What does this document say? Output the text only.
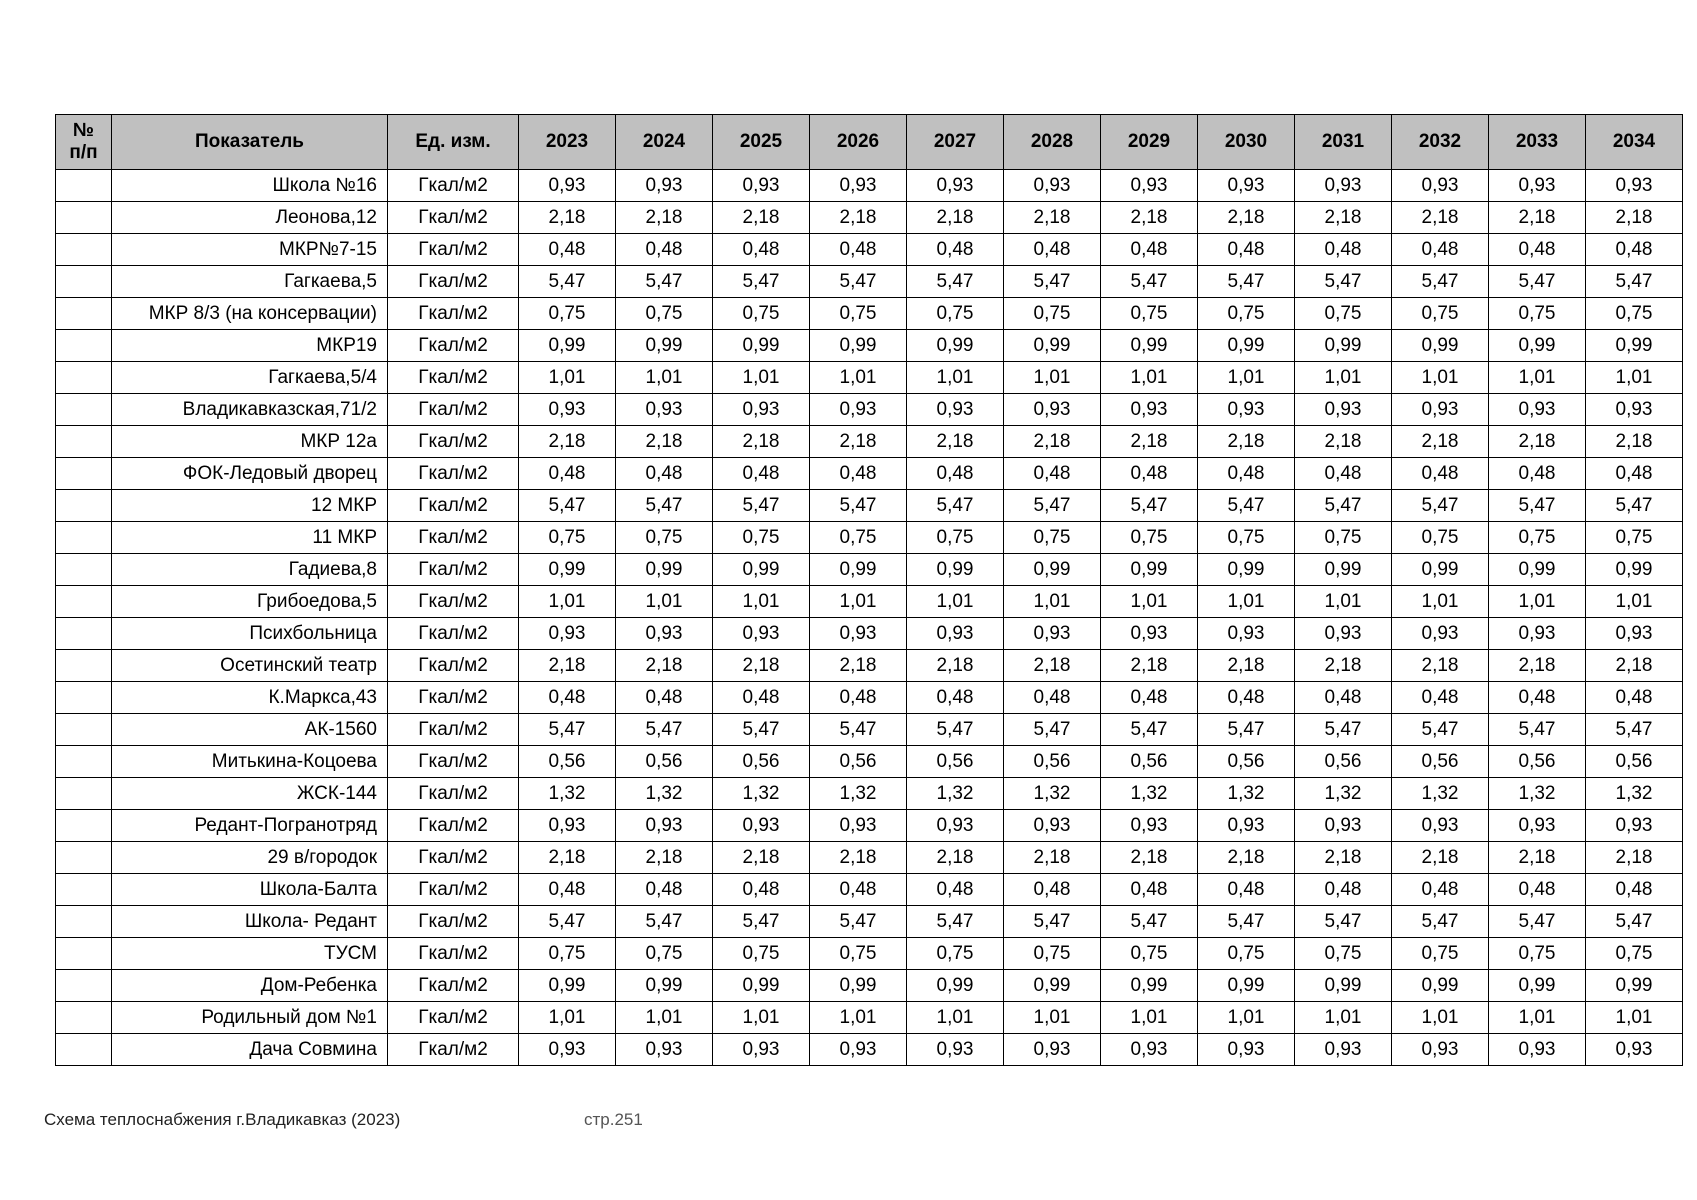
№
п/п	Показатель	Ед. изм.	2023	2024	2025	2026	2027	2028	2029	2030	2031	2032	2033	2034
	Школа №16	Гкал/м2	0,93	0,93	0,93	0,93	0,93	0,93	0,93	0,93	0,93	0,93	0,93	0,93
	Леонова,12	Гкал/м2	2,18	2,18	2,18	2,18	2,18	2,18	2,18	2,18	2,18	2,18	2,18	2,18
	МКР№7-15	Гкал/м2	0,48	0,48	0,48	0,48	0,48	0,48	0,48	0,48	0,48	0,48	0,48	0,48
	Гагкаева,5	Гкал/м2	5,47	5,47	5,47	5,47	5,47	5,47	5,47	5,47	5,47	5,47	5,47	5,47
	МКР 8/3 (на консервации)	Гкал/м2	0,75	0,75	0,75	0,75	0,75	0,75	0,75	0,75	0,75	0,75	0,75	0,75
	МКР19	Гкал/м2	0,99	0,99	0,99	0,99	0,99	0,99	0,99	0,99	0,99	0,99	0,99	0,99
	Гагкаева,5/4	Гкал/м2	1,01	1,01	1,01	1,01	1,01	1,01	1,01	1,01	1,01	1,01	1,01	1,01
	Владикавказская,71/2	Гкал/м2	0,93	0,93	0,93	0,93	0,93	0,93	0,93	0,93	0,93	0,93	0,93	0,93
	МКР 12а	Гкал/м2	2,18	2,18	2,18	2,18	2,18	2,18	2,18	2,18	2,18	2,18	2,18	2,18
	ФОК-Ледовый дворец	Гкал/м2	0,48	0,48	0,48	0,48	0,48	0,48	0,48	0,48	0,48	0,48	0,48	0,48
	12 МКР	Гкал/м2	5,47	5,47	5,47	5,47	5,47	5,47	5,47	5,47	5,47	5,47	5,47	5,47
	11 МКР	Гкал/м2	0,75	0,75	0,75	0,75	0,75	0,75	0,75	0,75	0,75	0,75	0,75	0,75
	Гадиева,8	Гкал/м2	0,99	0,99	0,99	0,99	0,99	0,99	0,99	0,99	0,99	0,99	0,99	0,99
	Грибоедова,5	Гкал/м2	1,01	1,01	1,01	1,01	1,01	1,01	1,01	1,01	1,01	1,01	1,01	1,01
	Психбольница	Гкал/м2	0,93	0,93	0,93	0,93	0,93	0,93	0,93	0,93	0,93	0,93	0,93	0,93
	Осетинский театр	Гкал/м2	2,18	2,18	2,18	2,18	2,18	2,18	2,18	2,18	2,18	2,18	2,18	2,18
	К.Маркса,43	Гкал/м2	0,48	0,48	0,48	0,48	0,48	0,48	0,48	0,48	0,48	0,48	0,48	0,48
	АК-1560	Гкал/м2	5,47	5,47	5,47	5,47	5,47	5,47	5,47	5,47	5,47	5,47	5,47	5,47
	Митькина-Коцоева	Гкал/м2	0,56	0,56	0,56	0,56	0,56	0,56	0,56	0,56	0,56	0,56	0,56	0,56
	ЖСК-144	Гкал/м2	1,32	1,32	1,32	1,32	1,32	1,32	1,32	1,32	1,32	1,32	1,32	1,32
	Редант-Погранотряд	Гкал/м2	0,93	0,93	0,93	0,93	0,93	0,93	0,93	0,93	0,93	0,93	0,93	0,93
	29 в/городок	Гкал/м2	2,18	2,18	2,18	2,18	2,18	2,18	2,18	2,18	2,18	2,18	2,18	2,18
	Школа-Балта	Гкал/м2	0,48	0,48	0,48	0,48	0,48	0,48	0,48	0,48	0,48	0,48	0,48	0,48
	Школа- Редант	Гкал/м2	5,47	5,47	5,47	5,47	5,47	5,47	5,47	5,47	5,47	5,47	5,47	5,47
	ТУСМ	Гкал/м2	0,75	0,75	0,75	0,75	0,75	0,75	0,75	0,75	0,75	0,75	0,75	0,75
	Дом-Ребенка	Гкал/м2	0,99	0,99	0,99	0,99	0,99	0,99	0,99	0,99	0,99	0,99	0,99	0,99
	Родильный дом №1	Гкал/м2	1,01	1,01	1,01	1,01	1,01	1,01	1,01	1,01	1,01	1,01	1,01	1,01
	Дача Совмина	Гкал/м2	0,93	0,93	0,93	0,93	0,93	0,93	0,93	0,93	0,93	0,93	0,93	0,93
Схема теплоснабжения г.Владикавказ (2023)	стр.251
